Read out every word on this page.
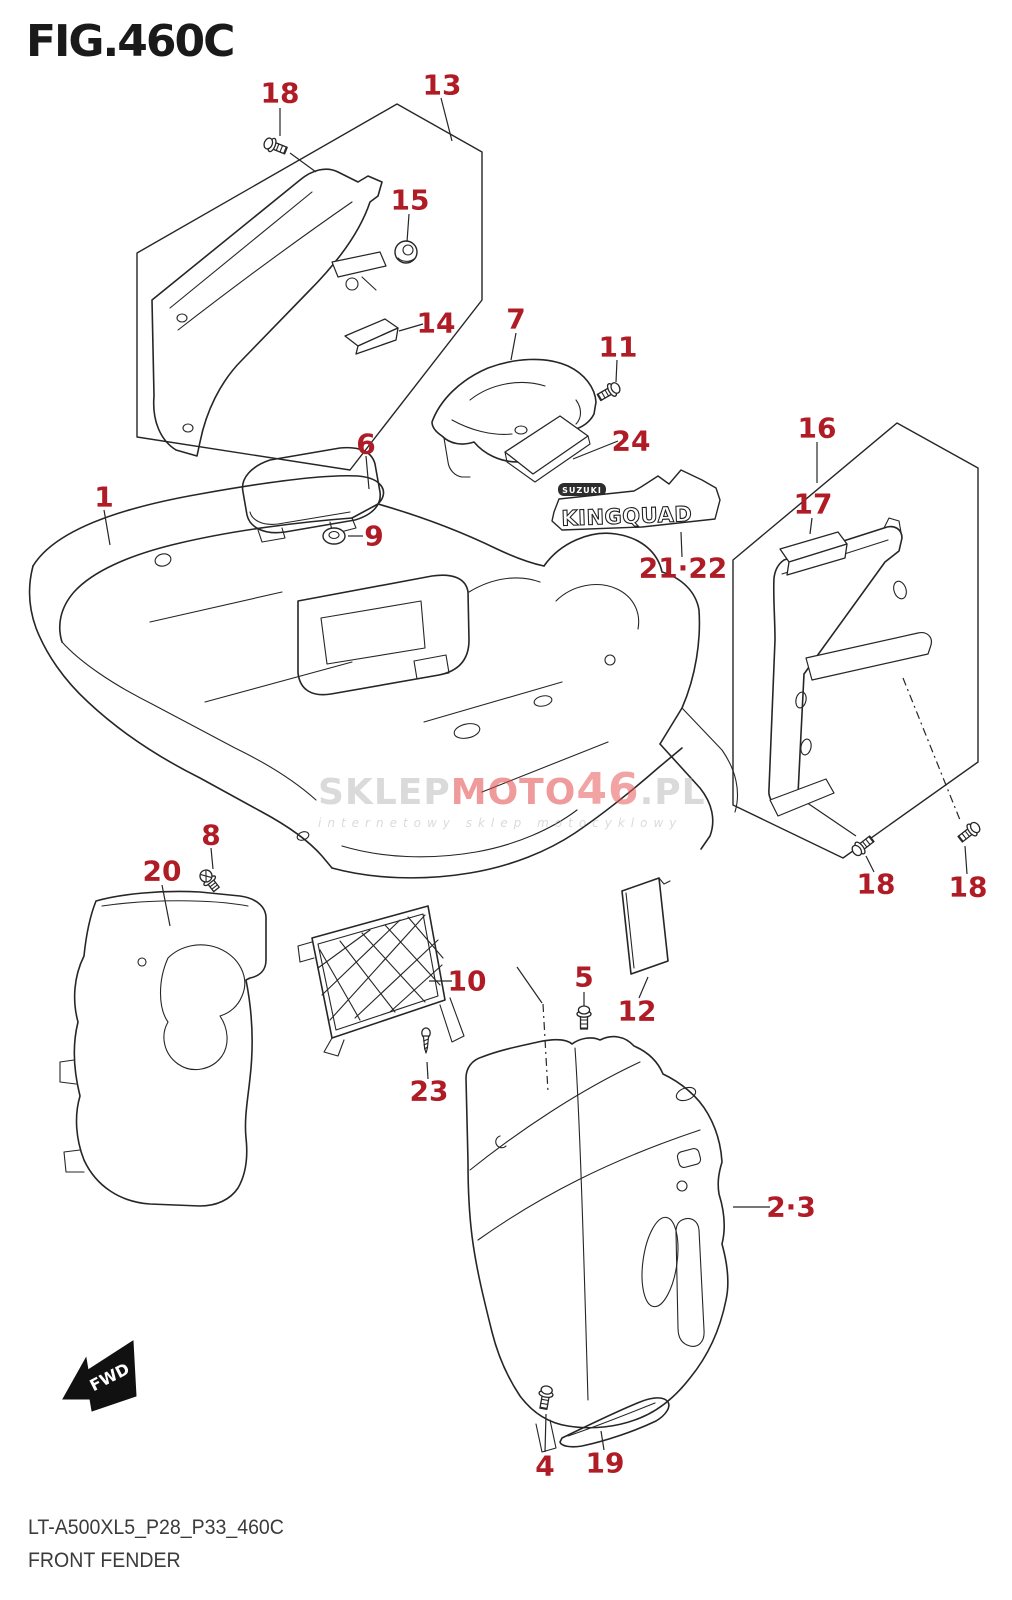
SUZUKI
KINGQUAD
FWD
FIG.460C
1
2·3
4
5
6
7
8
9
10
11
12
13
14
15
16
17
18
18 18
19
20
21·22
23
24
SKLEPMOTO46.PL
internetowy sklep motocyklowy
LT-A500XL5_P28_P33_460C
FRONT FENDER
